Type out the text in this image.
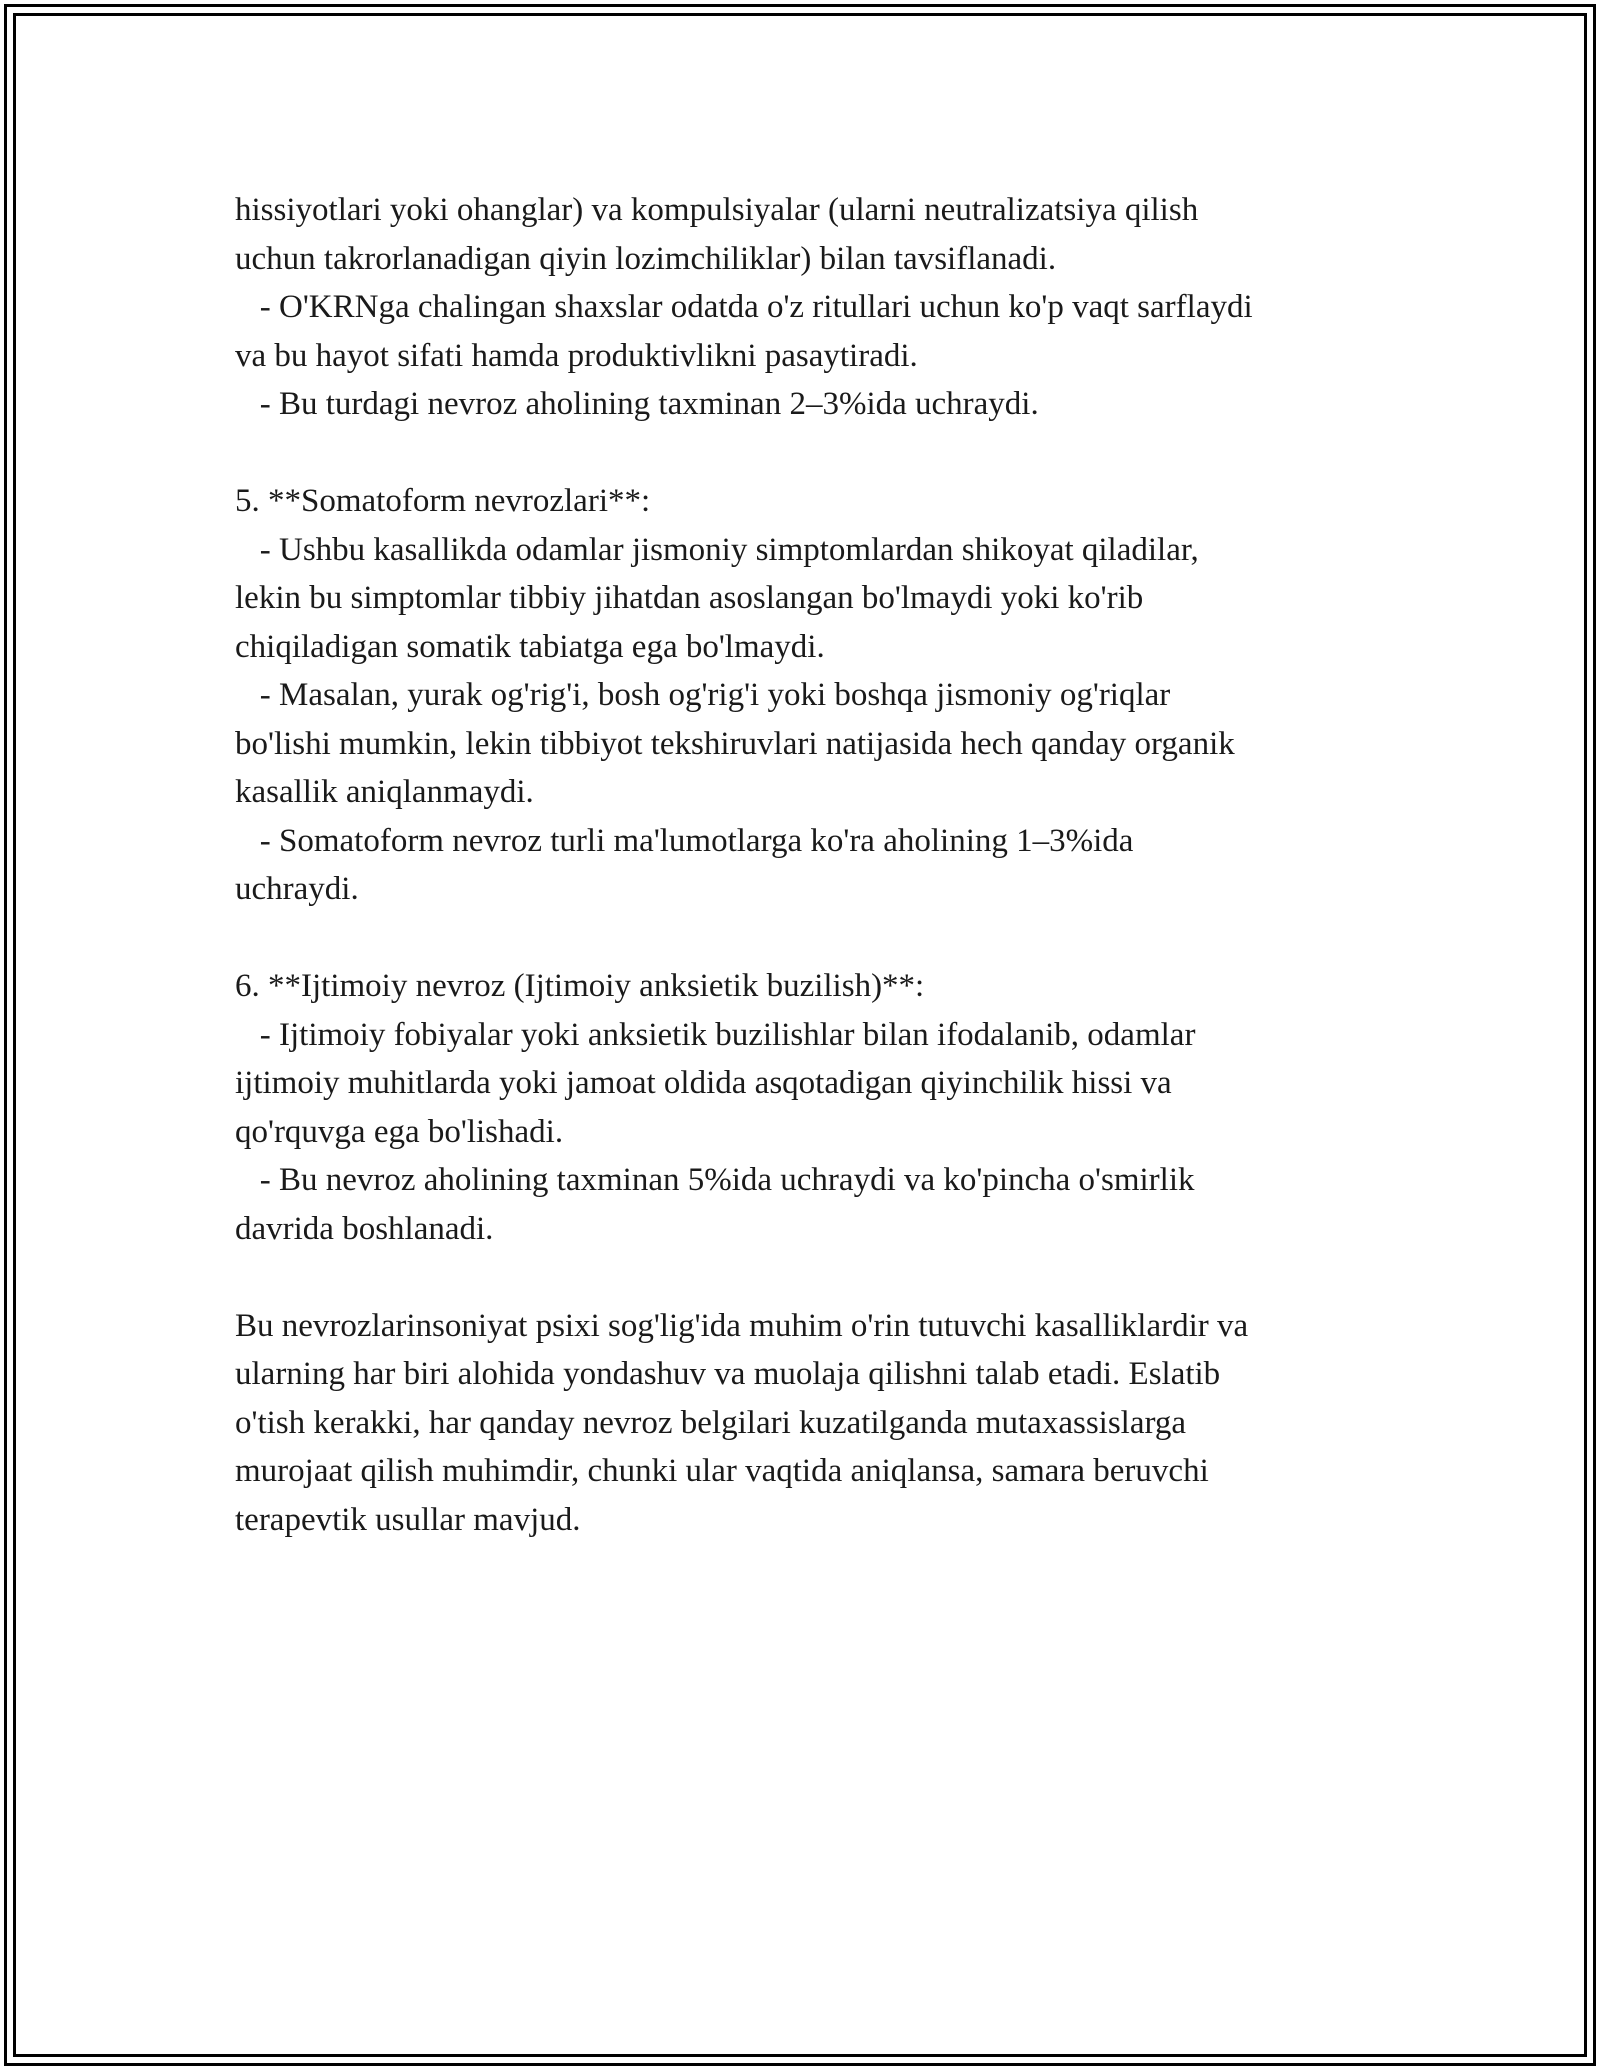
hissiyotlari yoki ohanglar) va kompulsiyalar (ularni neutralizatsiya qilish

uchun takrorlanadigan qiyin lozimchiliklar) bilan tavsiflanadi.

- O'KRNga chalingan shaxslar odatda o'z ritullari uchun ko'p vaqt sarflaydi

va bu hayot sifati hamda produktivlikni pasaytiradi.

- Bu turdagi nevroz aholining taxminan 2–3%ida uchraydi.

5. **Somatoform nevrozlari**:

- Ushbu kasallikda odamlar jismoniy simptomlardan shikoyat qiladilar,

lekin bu simptomlar tibbiy jihatdan asoslangan bo'lmaydi yoki ko'rib

chiqiladigan somatik tabiatga ega bo'lmaydi.

- Masalan, yurak og'rig'i, bosh og'rig'i yoki boshqa jismoniy og'riqlar

bo'lishi mumkin, lekin tibbiyot tekshiruvlari natijasida hech qanday organik

kasallik aniqlanmaydi.

- Somatoform nevroz turli ma'lumotlarga ko'ra aholining 1–3%ida

uchraydi.

6. **Ijtimoiy nevroz (Ijtimoiy anksietik buzilish)**:

- Ijtimoiy fobiyalar yoki anksietik buzilishlar bilan ifodalanib, odamlar

ijtimoiy muhitlarda yoki jamoat oldida asqotadigan qiyinchilik hissi va

qo'rquvga ega bo'lishadi.

- Bu nevroz aholining taxminan 5%ida uchraydi va ko'pincha o'smirlik

davrida boshlanadi.

Bu nevrozlarinsoniyat psixi sog'lig'ida muhim o'rin tutuvchi kasalliklardir va

ularning har biri alohida yondashuv va muolaja qilishni talab etadi. Eslatib

o'tish kerakki, har qanday nevroz belgilari kuzatilganda mutaxassislarga

murojaat qilish muhimdir, chunki ular vaqtida aniqlansa, samara beruvchi

terapevtik usullar mavjud.
